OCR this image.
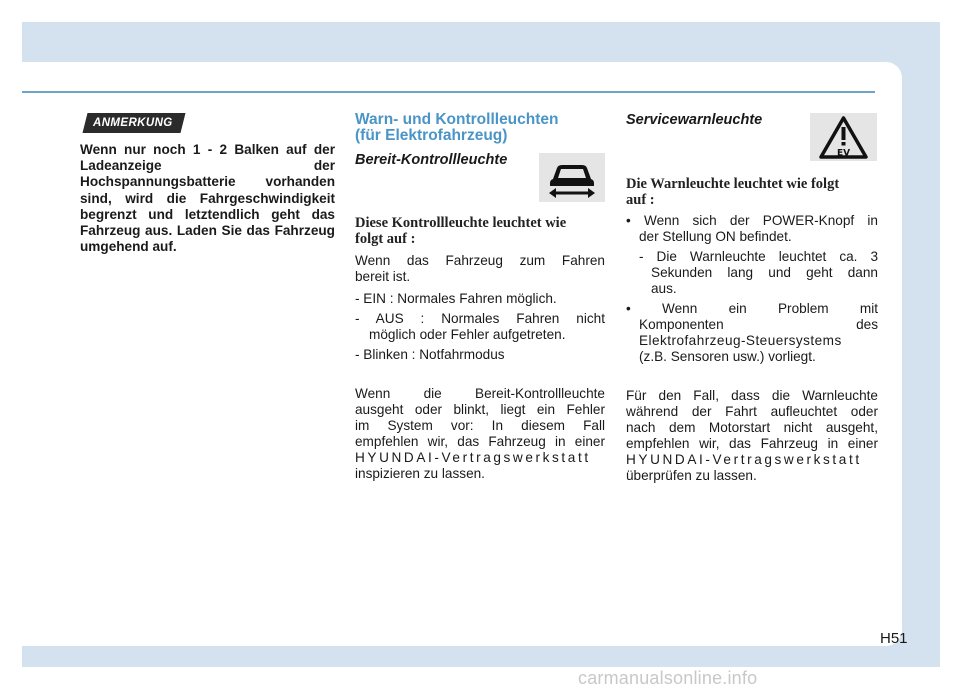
ANMERKUNG
Wenn nur noch 1 - 2 Balken auf der Ladeanzeige der Hochspannungsbatterie vorhanden sind, wird die Fahrgeschwindigkeit begrenzt und letztendlich geht das Fahrzeug aus. Laden Sie das Fahrzeug umgehend auf.
Warn- und Kontrollleuchten
(für Elektrofahrzeug)
Bereit-Kontrollleuchte
Diese Kontrollleuchte leuchtet wie
folgt auf :
Wenn das Fahrzeug zum Fahren
bereit ist.
- EIN : Normales Fahren möglich.
- AUS : Normales Fahren nicht
möglich oder Fehler aufgetreten.
- Blinken : Notfahrmodus
Wenn die Bereit-Kontrollleuchte
ausgeht oder blinkt, liegt ein Fehler
im System vor: In diesem Fall
empfehlen wir, das Fahrzeug in einer
HYUNDAI-Vertragswerkstatt
inspizieren zu lassen.
Servicewarnleuchte
EV
Die Warnleuchte leuchtet wie folgt
auf :
• Wenn sich der POWER-Knopf in
der Stellung ON befindet.
- Die Warnleuchte leuchtet ca. 3
Sekunden lang und geht dann
aus.
• Wenn ein Problem mit
Komponenten des
Elektrofahrzeug-Steuersystems
(z.B. Sensoren usw.) vorliegt.
Für den Fall, dass die Warnleuchte
während der Fahrt aufleuchtet oder
nach dem Motorstart nicht ausgeht,
empfehlen wir, das Fahrzeug in einer
HYUNDAI-Vertragswerkstatt
überprüfen zu lassen.
H51
carmanualsonline.info
